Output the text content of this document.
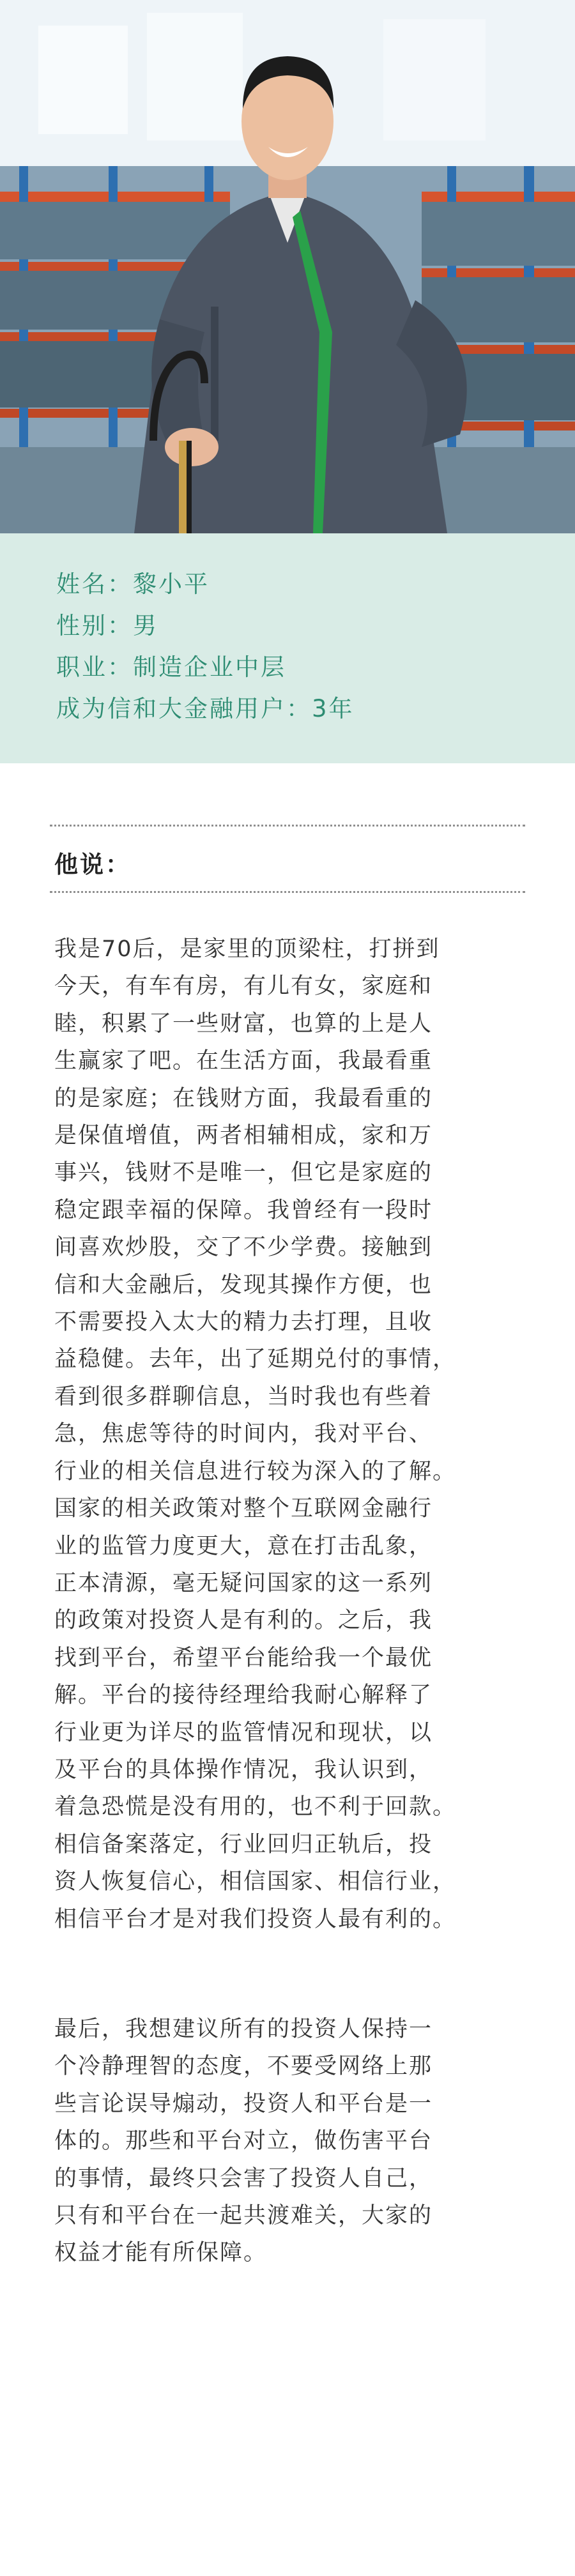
姓名：黎小平
性别：男
职业：制造企业中层
成为信和大金融用户：3年
他说：
我是70后，是家里的顶梁柱，打拼到
今天，有车有房，有儿有女，家庭和
睦，积累了一些财富，也算的上是人
生赢家了吧。在生活方面，我最看重
的是家庭；在钱财方面，我最看重的
是保值增值，两者相辅相成，家和万
事兴，钱财不是唯一，但它是家庭的
稳定跟幸福的保障。我曾经有一段时
间喜欢炒股，交了不少学费。接触到
信和大金融后，发现其操作方便，也
不需要投入太大的精力去打理，且收
益稳健。去年，出了延期兑付的事情，
看到很多群聊信息，当时我也有些着
急，焦虑等待的时间内，我对平台、
行业的相关信息进行较为深入的了解。
国家的相关政策对整个互联网金融行
业的监管力度更大，意在打击乱象，
正本清源，毫无疑问国家的这一系列
的政策对投资人是有利的。之后，我
找到平台，希望平台能给我一个最优
解。平台的接待经理给我耐心解释了
行业更为详尽的监管情况和现状，以
及平台的具体操作情况，我认识到，
着急恐慌是没有用的，也不利于回款。
相信备案落定，行业回归正轨后，投
资人恢复信心，相信国家、相信行业，
相信平台才是对我们投资人最有利的。
最后，我想建议所有的投资人保持一
个冷静理智的态度，不要受网络上那
些言论误导煽动，投资人和平台是一
体的。那些和平台对立，做伤害平台
的事情，最终只会害了投资人自己，
只有和平台在一起共渡难关，大家的
权益才能有所保障。
